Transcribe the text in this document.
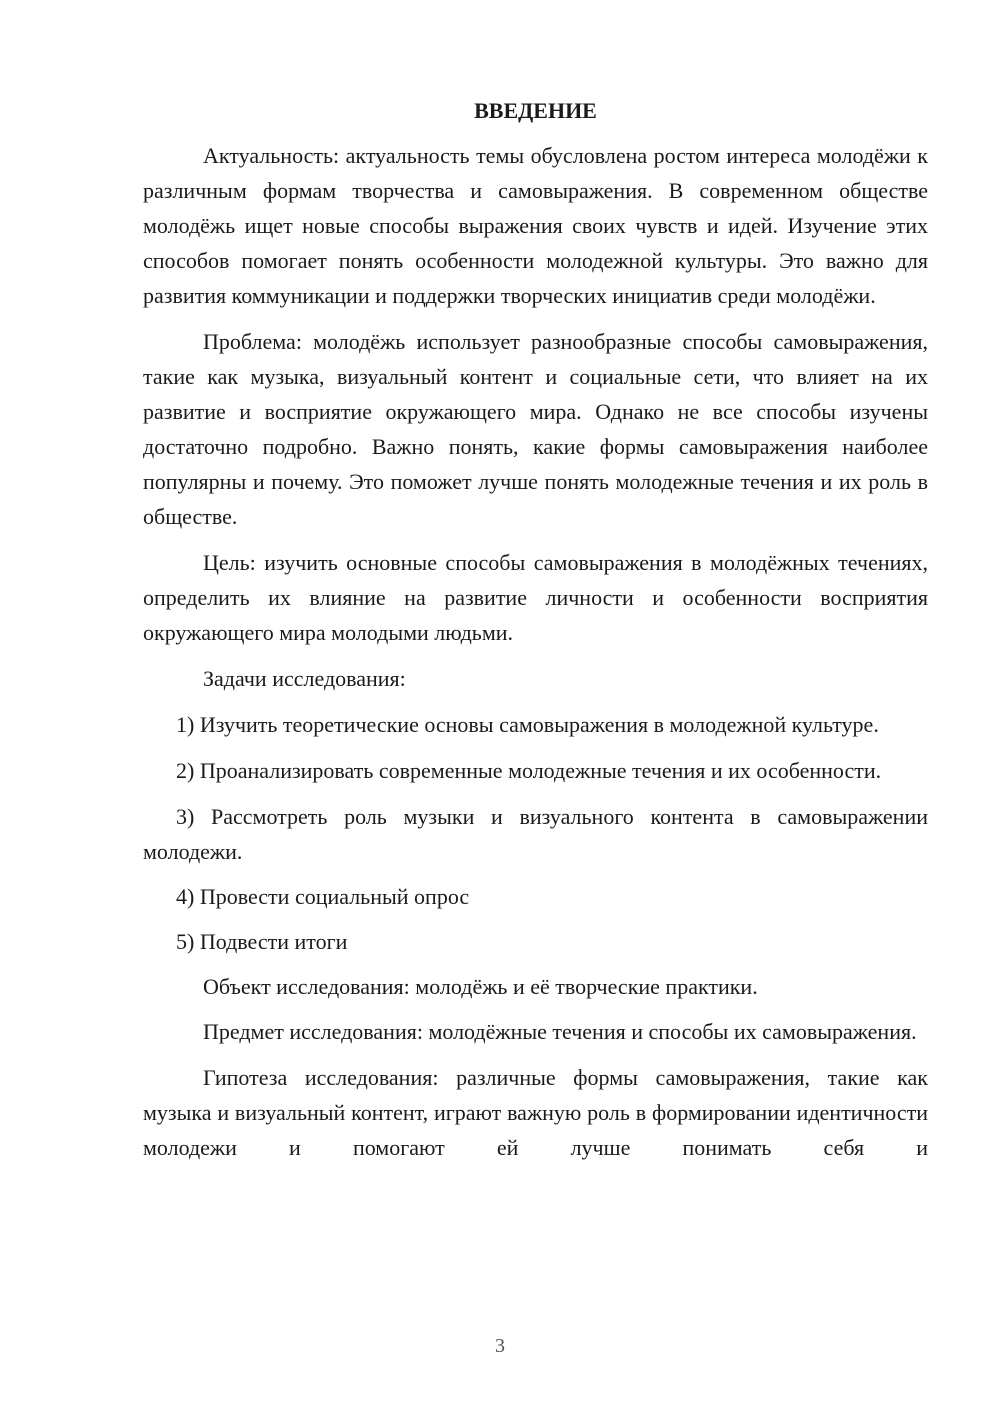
ВВЕДЕНИЕ

Актуальность: актуальность темы обусловлена ростом интереса молодёжи к различным формам творчества и самовыражения. В современном обществе молодёжь ищет новые способы выражения своих чувств и идей. Изучение этих способов помогает понять особенности молодежной культуры. Это важно для развития коммуникации и поддержки творческих инициатив среди молодёжи.

Проблема: молодёжь использует разнообразные способы самовыражения, такие как музыка, визуальный контент и социальные сети, что влияет на их развитие и восприятие окружающего мира. Однако не все способы изучены достаточно подробно. Важно понять, какие формы самовыражения наиболее популярны и почему. Это поможет лучше понять молодежные течения и их роль в обществе.

Цель: изучить основные способы самовыражения в молодёжных течениях, определить их влияние на развитие личности и особенности восприятия окружающего мира молодыми людьми.

Задачи исследования:

1) Изучить теоретические основы самовыражения в молодежной культуре.

2) Проанализировать современные молодежные течения и их особенности.

3) Рассмотреть роль музыки и визуального контента в самовыражении молодежи.

4) Провести социальный опрос

5) Подвести итоги

Объект исследования: молодёжь и её творческие практики.

Предмет исследования: молодёжные течения и способы их самовыражения.

Гипотеза исследования: различные формы самовыражения, такие как музыка и визуальный контент, играют важную роль в формировании идентичности молодежи и помогают ей лучше понимать себя и

3
